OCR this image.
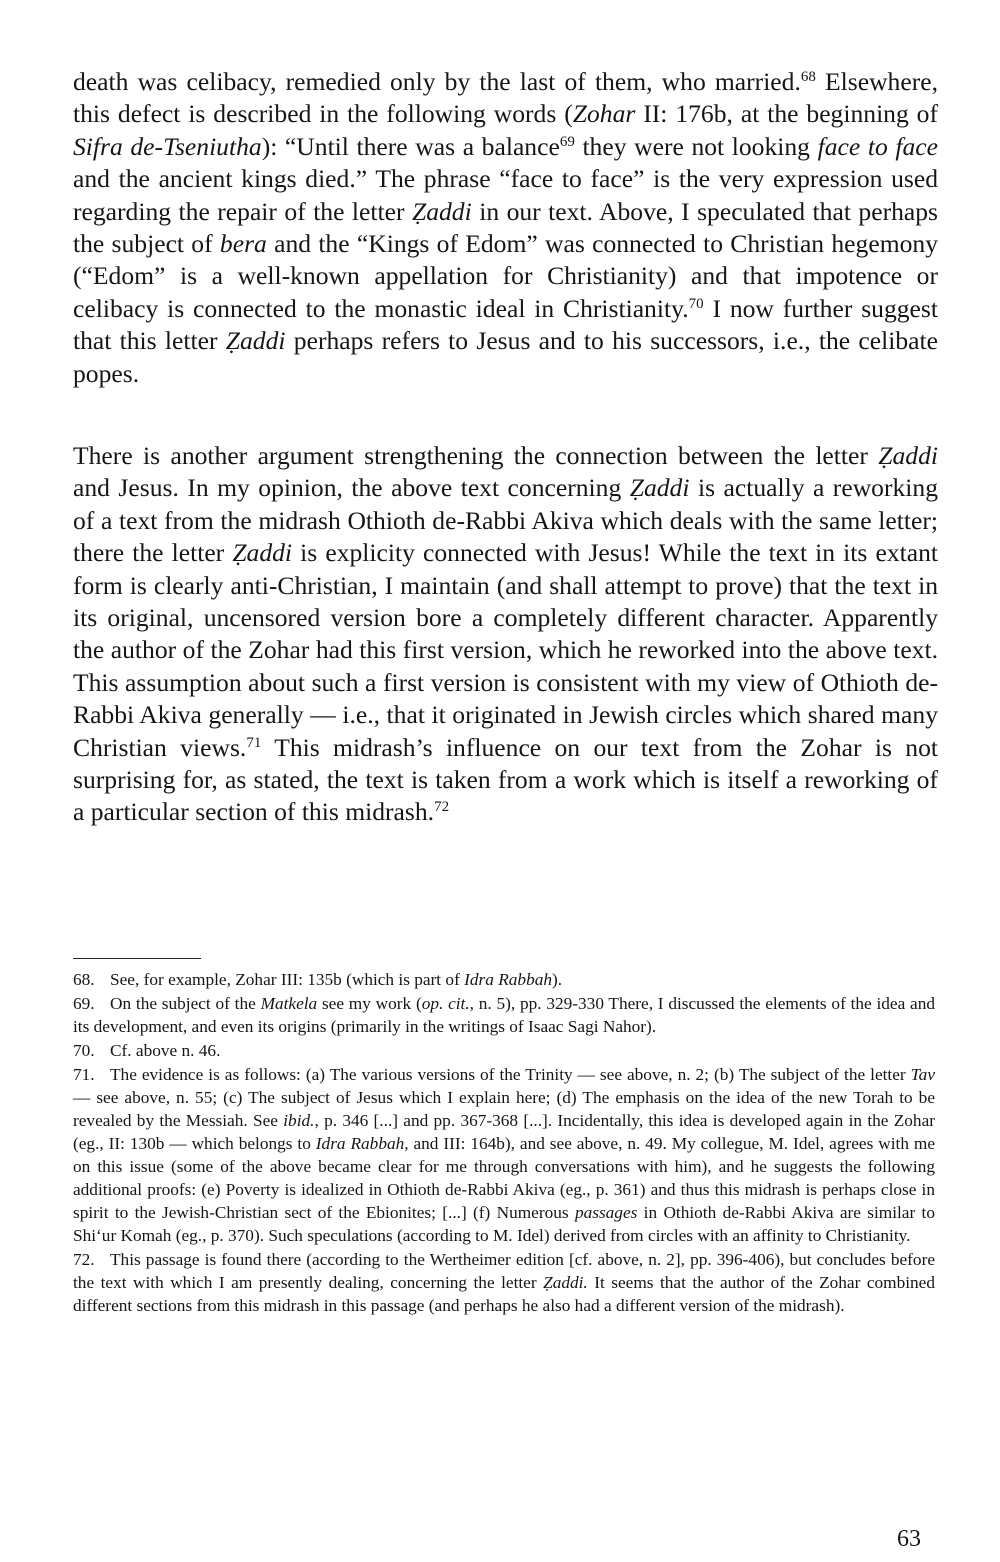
death was celibacy, remedied only by the last of them, who married.$^{68}$ Elsewhere, this defect is described in the following words (Zohar II: 176b, at the beginning of Sifra de-Tseniutha): “Until there was a balance$^{69}$ they were not looking face to face and the ancient kings died.” The phrase “face to face” is the very expression used regarding the repair of the letter Ẓaddi in our text. Above, I speculated that perhaps the subject of bera and the “Kings of Edom” was connected to Christian hegemony (“Edom” is a well-known appellation for Christianity) and that impotence or celibacy is connected to the monastic ideal in Christianity.$^{70}$ I now further suggest that this letter Ẓaddi perhaps refers to Jesus and to his successors, i.e., the celibate popes.

There is another argument strengthening the connection between the letter Ẓaddi and Jesus. In my opinion, the above text concerning Ẓaddi is actually a reworking of a text from the midrash Othioth de-Rabbi Akiva which deals with the same letter; there the letter Ẓaddi is explicity connected with Jesus! While the text in its extant form is clearly anti-Christian, I maintain (and shall attempt to prove) that the text in its original, uncensored version bore a completely different character. Apparently the author of the Zohar had this first version, which he reworked into the above text. This assumption about such a first version is consistent with my view of Othioth de-Rabbi Akiva generally — i.e., that it originated in Jewish circles which shared many Christian views.$^{71}$ This midrash’s influence on our text from the Zohar is not surprising for, as stated, the text is taken from a work which is itself a reworking of a particular section of this midrash.$^{72}$

68. See, for example, Zohar III: 135b (which is part of Idra Rabbah).

69. On the subject of the Matkela see my work (op. cit., n. 5), pp. 329-330 There, I discussed the elements of the idea and its development, and even its origins (primarily in the writings of Isaac Sagi Nahor).

70. Cf. above n. 46.

71. The evidence is as follows: (a) The various versions of the Trinity — see above, n. 2; (b) The subject of the letter Tav — see above, n. 55; (c) The subject of Jesus which I explain here; (d) The emphasis on the idea of the new Torah to be revealed by the Messiah. See ibid., p. 346 [...] and pp. 367-368 [...]. Incidentally, this idea is developed again in the Zohar (eg., II: 130b — which belongs to Idra Rabbah, and III: 164b), and see above, n. 49. My collegue, M. Idel, agrees with me on this issue (some of the above became clear for me through conversations with him), and he suggests the following additional proofs: (e) Poverty is idealized in Othioth de-Rabbi Akiva (eg., p. 361) and thus this midrash is perhaps close in spirit to the Jewish-Christian sect of the Ebionites; [...] (f) Numerous passages in Othioth de-Rabbi Akiva are similar to Shi‘ur Komah (eg., p. 370). Such speculations (according to M. Idel) derived from circles with an affinity to Christianity.

72. This passage is found there (according to the Wertheimer edition [cf. above, n. 2], pp. 396-406), but concludes before the text with which I am presently dealing, concerning the letter Ẓaddi. It seems that the author of the Zohar combined different sections from this midrash in this passage (and perhaps he also had a different version of the midrash).

63
